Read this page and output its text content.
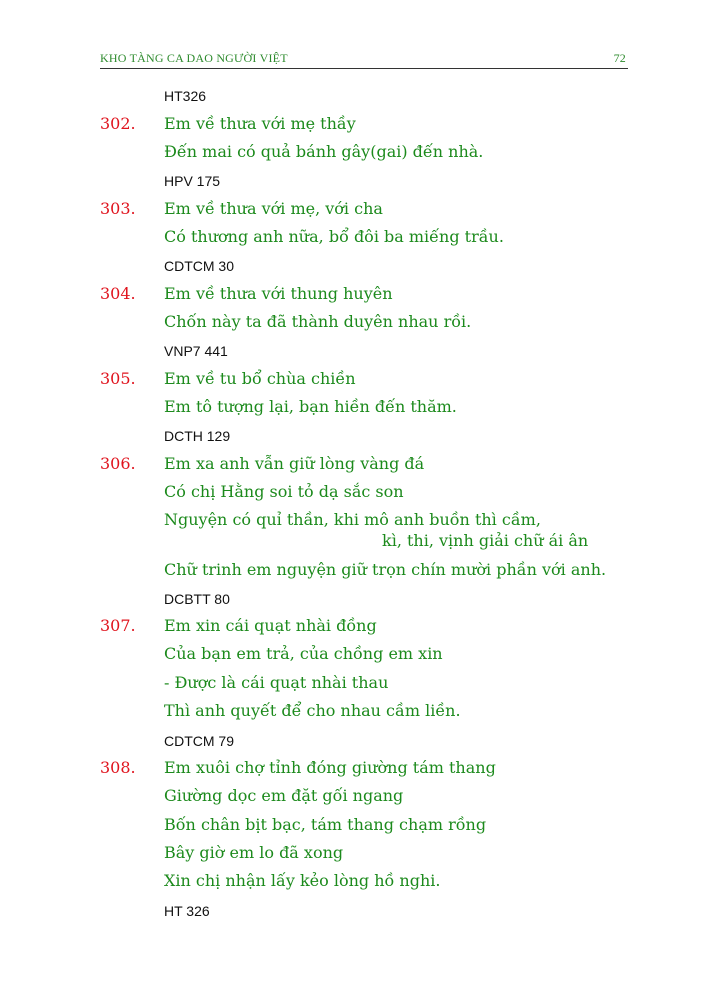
KHO TÀNG CA DAO NGƯỜI VIỆT	72
HT326
302. Em về thưa với mẹ thầy
Đến mai có quả bánh gây(gai) đến nhà.
HPV 175
303. Em về thưa với mẹ, với cha
Có thương anh nữa, bổ đôi ba miếng trầu.
CDTCM 30
304. Em về thưa với thung huyên
Chốn này ta đã thành duyên nhau rồi.
VNP7 441
305. Em về tu bổ chùa chiền
Em tô tượng lại, bạn hiền đến thăm.
DCTH 129
306. Em xa anh vẫn giữ lòng vàng đá
Có chị Hằng soi tỏ dạ sắc son
Nguyện có quỉ thần, khi mô anh buồn thì cầm,
kì, thi, vịnh giải chữ ái ân
Chữ trinh em nguyện giữ trọn chín mười phần với anh.
DCBTT 80
307. Em xin cái quạt nhài đồng
Của bạn em trả, của chồng em xin
- Được là cái quạt nhài thau
Thì anh quyết để cho nhau cầm liền.
CDTCM 79
308. Em xuôi chợ tỉnh đóng giường tám thang
Giường dọc em đặt gối ngang
Bốn chân bịt bạc, tám thang chạm rồng
Bây giờ em lo đã xong
Xin chị nhận lấy kẻo lòng hồ nghi.
HT 326
